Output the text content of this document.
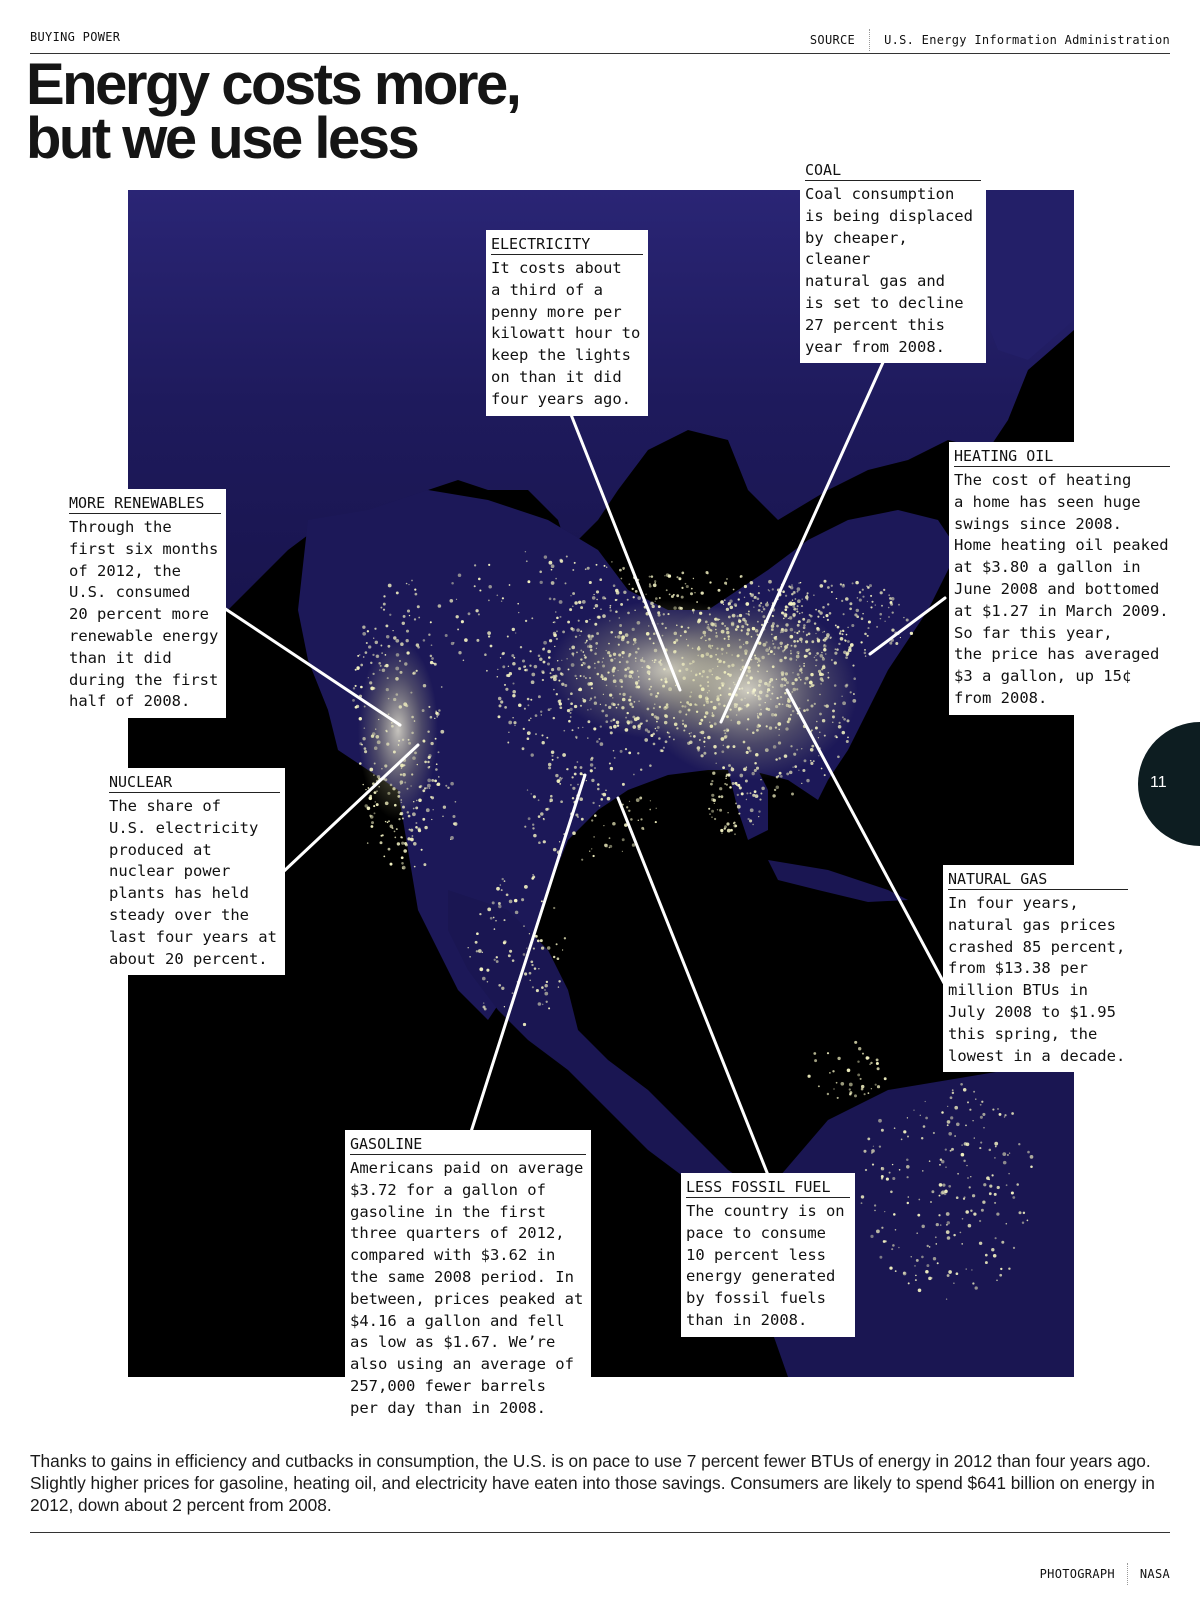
BUYING POWER	SOURCE U.S. Energy Information Administration
Energy costs more,
but we use less	COAL
Coal consumption
is being displaced
by cheaper, cleaner
natural gas and
is set to decline
27 percent this
year from 2008.
ELECTRICITY
It costs about
a third of a
penny more per
kilowatt hour to
keep the lights
on than it did
four years ago.
HEATING OIL
The cost of heating
a home has seen huge
swings since 2008.
Home heating oil peaked
at $3.80 a gallon in
June 2008 and bottomed
at $1.27 in March 2009.
So far this year,
the price has averaged
$3 a gallon, up 15¢
from 2008.
MORE RENEWABLES
Through the
first six months
of 2012, the
U.S. consumed
20 percent more
renewable energy
than it did
during the first
half of 2008.
NUCLEAR
The share of
U.S. electricity
produced at
nuclear power
plants has held
steady over the
last four years at
about 20 percent.
NATURAL GAS
In four years,
natural gas prices
crashed 85 percent,
from $13.38 per
million BTUs in
July 2008 to $1.95
this spring, the
lowest in a decade.
GASOLINE
Americans paid on average
$3.72 for a gallon of
gasoline in the first
three quarters of 2012,
compared with $3.62 in
the same 2008 period. In
between, prices peaked at
$4.16 a gallon and fell
as low as $1.67. We’re
also using an average of
257,000 fewer barrels
per day than in 2008.
LESS FOSSIL FUEL
The country is on
pace to consume
10 percent less
energy generated
by fossil fuels
than in 2008.
11

Thanks to gains in efficiency and cutbacks in consumption, the U.S. is on pace to use 7 percent fewer BTUs of energy in 2012 than four years ago. Slightly higher prices for gasoline, heating oil, and electricity have eaten into those savings. Consumers are likely to spend $641 billion on energy in 2012, down about 2 percent from 2008.

PHOTOGRAPH NASA
